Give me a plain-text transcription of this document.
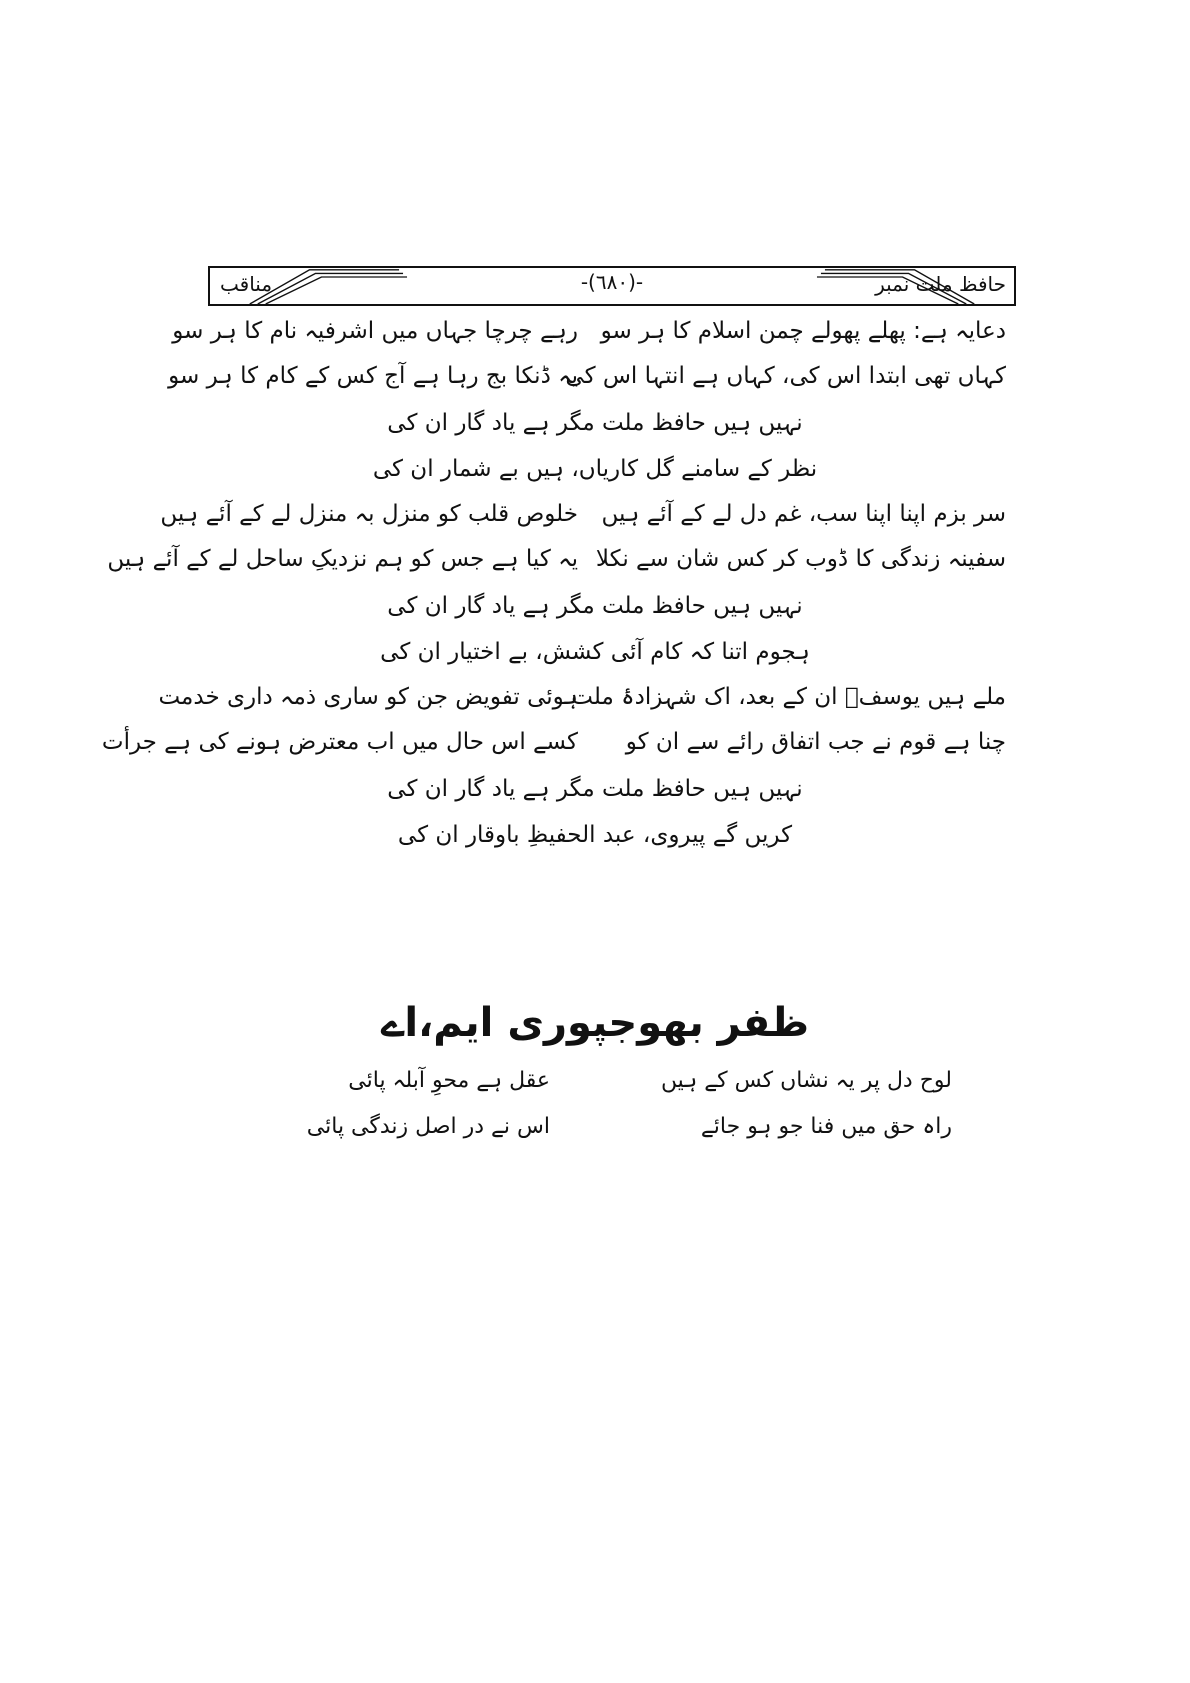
مناقب	-(٦٨٠)-	حافظ ملت نمبر
دعایہ ہے: پھلے پھولے چمن اسلام کا ہر سو
رہے چرچا جہاں میں اشرفیہ نام کا ہر سو
کہاں تھی ابتدا اس کی، کہاں ہے انتہا اس کی
یہ ڈنکا بج رہا ہے آج کس کے کام کا ہر سو
نہیں ہیں حافظ ملت مگر ہے یاد گار ان کی
نظر کے سامنے گل کاریاں، ہیں بے شمار ان کی
سر بزم اپنا اپنا سب، غم دل لے کے آئے ہیں
خلوص قلب کو منزل بہ منزل لے کے آئے ہیں
سفینہ زندگی کا ڈوب کر کس شان سے نکلا
یہ کیا ہے جس کو ہم نزدیکِ ساحل لے کے آئے ہیں
نہیں ہیں حافظ ملت مگر ہے یاد گار ان کی
ہجوم اتنا کہ کام آئی کشش، بے اختیار ان کی
ملے ہیں یوسفؔ ان کے بعد، اک شہزادۂ ملت
ہوئی تفویض جن کو ساری ذمہ داری خدمت
چنا ہے قوم نے جب اتفاق رائے سے ان کو
کسے اس حال میں اب معترض ہونے کی ہے جرأت
نہیں ہیں حافظ ملت مگر ہے یاد گار ان کی
کریں گے پیروی، عبد الحفیظِ باوقار ان کی
ظفر بھوجپوری ایم،اے
لوح دل پر یہ نشاں کس کے ہیں
عقل ہے محوِ آبلہ پائی
راہ حق میں فنا جو ہو جائے
اس نے در اصل زندگی پائی
